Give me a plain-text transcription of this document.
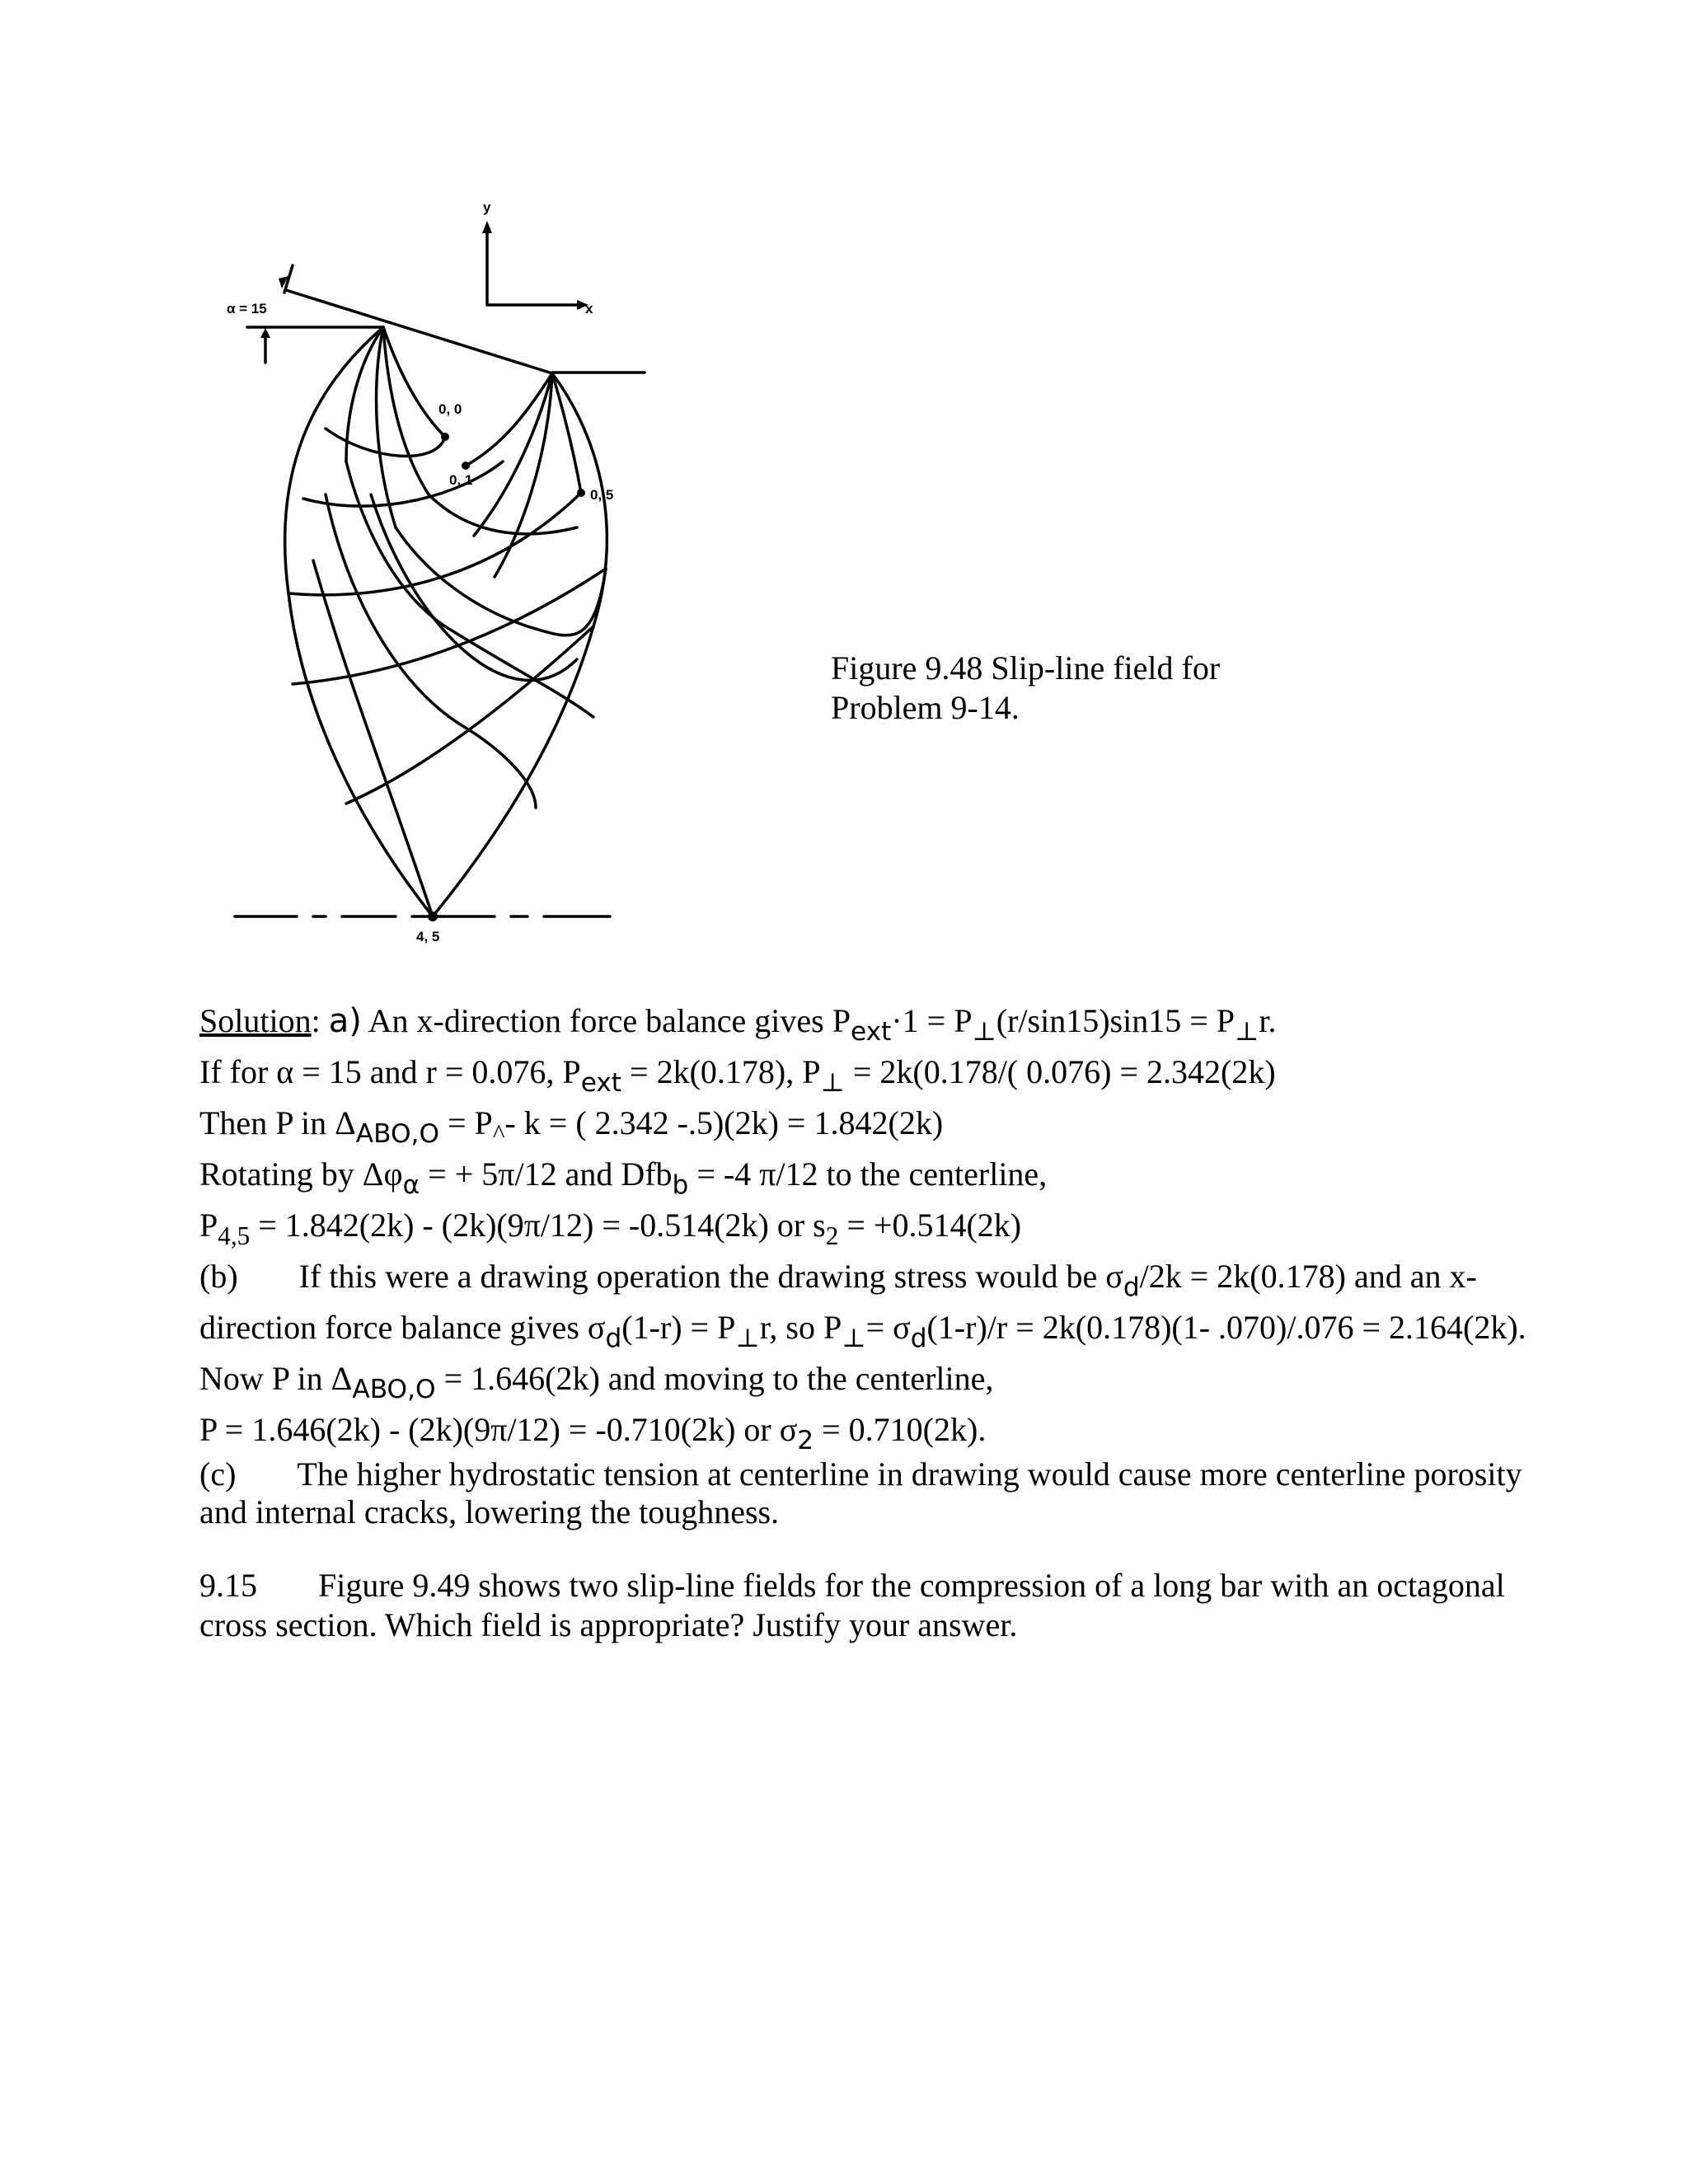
α = 15
y
x
0, 0
0, 1
0, 5
4, 5
Figure 9.48 Slip-line field for
Problem 9-14.
Solution: a) An x-direction force balance gives $P_{ext}\cdot 1 = P_\perp(r/\sin 15)\sin 15 = P_\perp r$.
If for α = 15 and r = 0.076, $P_{ext} = 2k(0.178)$, $P_\perp = 2k(0.178/$( 0.076) = 2.342(2k)
Then P in $\Delta_{ABO,O} = P_{\^{}}-$ k = ( 2.342 -.5)(2k) = 1.842(2k)
Rotating by $\Delta\varphi_\alpha$ = + 5π/12 and Dfb$_b$ = -4 π/12 to the centerline,
$P_{4,5} = 1.842(2k) - (2k)(9\pi/12) = -0.514(2k)$ or $s_2 = +0.514(2k)$
(b) If this were a drawing operation the drawing stress would be $\sigma_d/2k = 2k(0.178)$ and an x-
direction force balance gives $\sigma_d(1-r) = P_\perp r$, so $P_\perp= \sigma_d(1-r)/r = 2k(0.178)(1-$ .070)/.076 = 2.164(2k).
Now P in $\Delta_{ABO,O} = 1.646(2k)$ and moving to the centerline,
P = 1.646(2k) - (2k)(9π/12) = -0.710(2k) or $\sigma_2 = 0.710(2k)$.
(c) The higher hydrostatic tension at centerline in drawing would cause more centerline porosity and internal cracks, lowering the toughness.
9.15 Figure 9.49 shows two slip-line fields for the compression of a long bar with an octagonal cross section. Which field is appropriate? Justify your answer.
